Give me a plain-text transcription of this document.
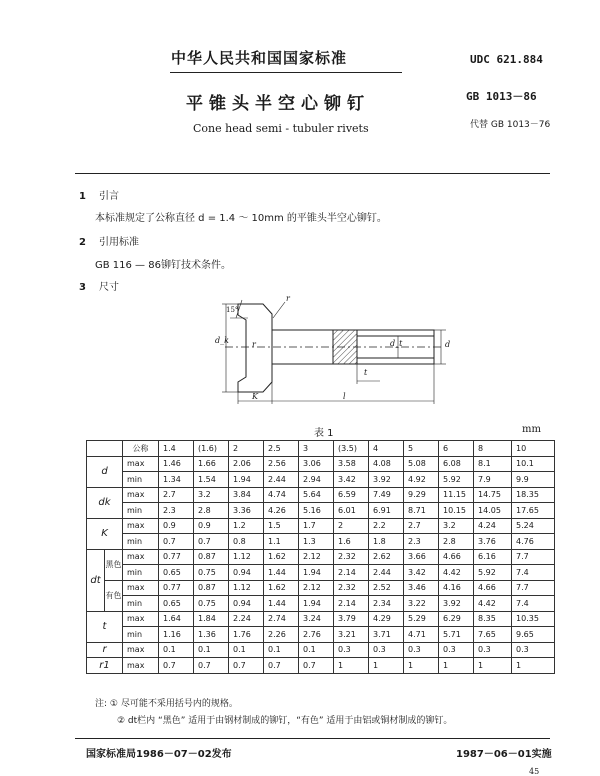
中华人民共和国国家标准	UDC 621.884
平锥头半空心铆钉	GB 1013－86
Cone head semi - tubuler rivets	代替 GB 1013－76
1 引言
本标准规定了公称直径 d = 1.4 ～ 10mm 的平锥头半空心铆钉。
2 引用标准
GB 116 — 86铆钉技术条件。
3 尺寸
15°
r
d_k	d_t
r	d
t
K	l
表 1	mm
		公称	1.4	(1.6)	2	2.5	3	(3.5)	4	5	6	8	10
d		max	1.46	1.66	2.06	2.56	3.06	3.58	4.08	5.08	6.08	8.1	10.1
		min	1.34	1.54	1.94	2.44	2.94	3.42	3.92	4.92	5.92	7.9	9.9
dk		max	2.7	3.2	3.84	4.74	5.64	6.59	7.49	9.29	11.15	14.75	18.35
		min	2.3	2.8	3.36	4.26	5.16	6.01	6.91	8.71	10.15	14.05	17.65
K		max	0.9	0.9	1.2	1.5	1.7	2	2.2	2.7	3.2	4.24	5.24
		min	0.7	0.7	0.8	1.1	1.3	1.6	1.8	2.3	2.8	3.76	4.76
dt	黑色	max	0.77	0.87	1.12	1.62	2.12	2.32	2.62	3.66	4.66	6.16	7.7
		min	0.65	0.75	0.94	1.44	1.94	2.14	2.44	3.42	4.42	5.92	7.4
	有色	max	0.77	0.87	1.12	1.62	2.12	2.32	2.52	3.46	4.16	4.66	7.7
		min	0.65	0.75	0.94	1.44	1.94	2.14	2.34	3.22	3.92	4.42	7.4
t		max	1.64	1.84	2.24	2.74	3.24	3.79	4.29	5.29	6.29	8.35	10.35
		min	1.16	1.36	1.76	2.26	2.76	3.21	3.71	4.71	5.71	7.65	9.65
r		max	0.1	0.1	0.1	0.1	0.1	0.3	0.3	0.3	0.3	0.3	0.3
r1		max	0.7	0.7	0.7	0.7	0.7	1	1	1	1	1	1
注: ① 尽可能不采用括号内的规格。
② dt栏内 “黑色” 适用于由钢材制成的铆钉，“有色” 适用于由铝或铜材制成的铆钉。
国家标准局1986－07－02发布	1987－06－01实施
45
